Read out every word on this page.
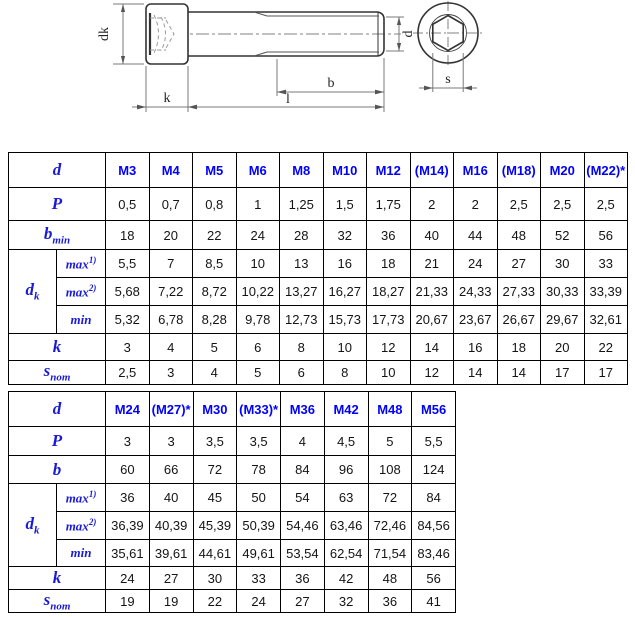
dk
k	l
b
d
s
d		M3	M4	M5	M6	M8	M10	M12	(M14)	M16	(M18)	M20	(M22)*
P		0,5	0,7	0,8	1	1,25	1,5	1,75	2	2	2,5	2,5	2,5
$b_{min}$		18	20	22	24	28	32	36	40	44	48	52	56
$d_k$	$\max^{1)}$	5,5	7	8,5	10	13	16	18	21	24	27	30	33
	$\max^{2)}$	5,68	7,22	8,72	10,22	13,27	16,27	18,27	21,33	24,33	27,33	30,33	33,39
	min	5,32	6,78	8,28	9,78	12,73	15,73	17,73	20,67	23,67	26,67	29,67	32,61
k		3	4	5	6	8	10	12	14	16	18	20	22
$s_{nom}$		2,5	3	4	5	6	8	10	12	14	14	17	17
d		M24	(M27)*	M30	(M33)*	M36	M42	M48	M56
P		3	3	3,5	3,5	4	4,5	5	5,5
b		60	66	72	78	84	96	108	124
$d_k$	$\max^{1)}$	36	40	45	50	54	63	72	84
	$\max^{2)}$	36,39	40,39	45,39	50,39	54,46	63,46	72,46	84,56
	min	35,61	39,61	44,61	49,61	53,54	62,54	71,54	83,46
k		24	27	30	33	36	42	48	56
$s_{nom}$		19	19	22	24	27	32	36	41
